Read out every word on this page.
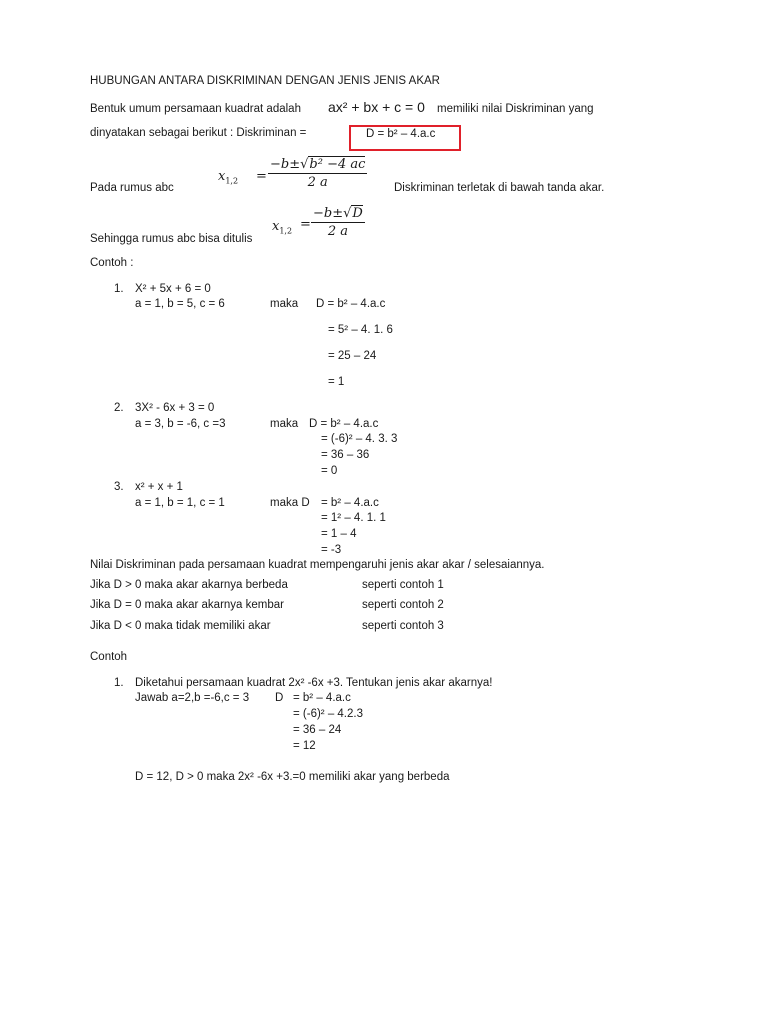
HUBUNGAN ANTARA DISKRIMINAN DENGAN JENIS JENIS AKAR
Bentuk umum persamaan kuadrat adalah ax² + bx + c = 0 memiliki nilai Diskriminan yang
dinyatakan sebagai berikut : Diskriminan =	D = b² – 4.a.c
$x_{1,2} = \frac{\text{−b±√b² −4 ac}}{2 a}$
Pada rumus abc	Diskriminan terletak di bawah tanda akar.
$x_{1,2} = \frac{-b\pm√D}{2 a}$
Sehingga rumus abc bisa ditulis
Contoh :
1. X² + 5x + 6 = 0
a = 1, b = 5, c = 6	maka D = b² – 4.a.c
= 5² – 4. 1. 6
= 25 – 24
= 1
2. 3X² - 6x + 3 = 0
a = 3, b = -6, c =3	maka D = b² – 4.a.c
= (-6)² – 4. 3. 3
= 36 – 36
= 0
3. x² + x + 1
a = 1, b = 1, c = 1	maka D = b² – 4.a.c
= 1² – 4. 1. 1
= 1 – 4
= -3
Nilai Diskriminan pada persamaan kuadrat mempengaruhi jenis akar akar / selesaiannya.
Jika D > 0 maka akar akarnya berbeda	seperti contoh 1
Jika D = 0 maka akar akarnya kembar	seperti contoh 2
Jika D < 0 maka tidak memiliki akar	seperti contoh 3
Contoh
1. Diketahui persamaan kuadrat 2x² -6x +3. Tentukan jenis akar akarnya!
Jawab a=2,b =-6,c = 3 D = b² – 4.a.c
= (-6)² – 4.2.3
= 36 – 24
= 12
D = 12, D > 0 maka 2x² -6x +3.=0 memiliki akar yang berbeda
